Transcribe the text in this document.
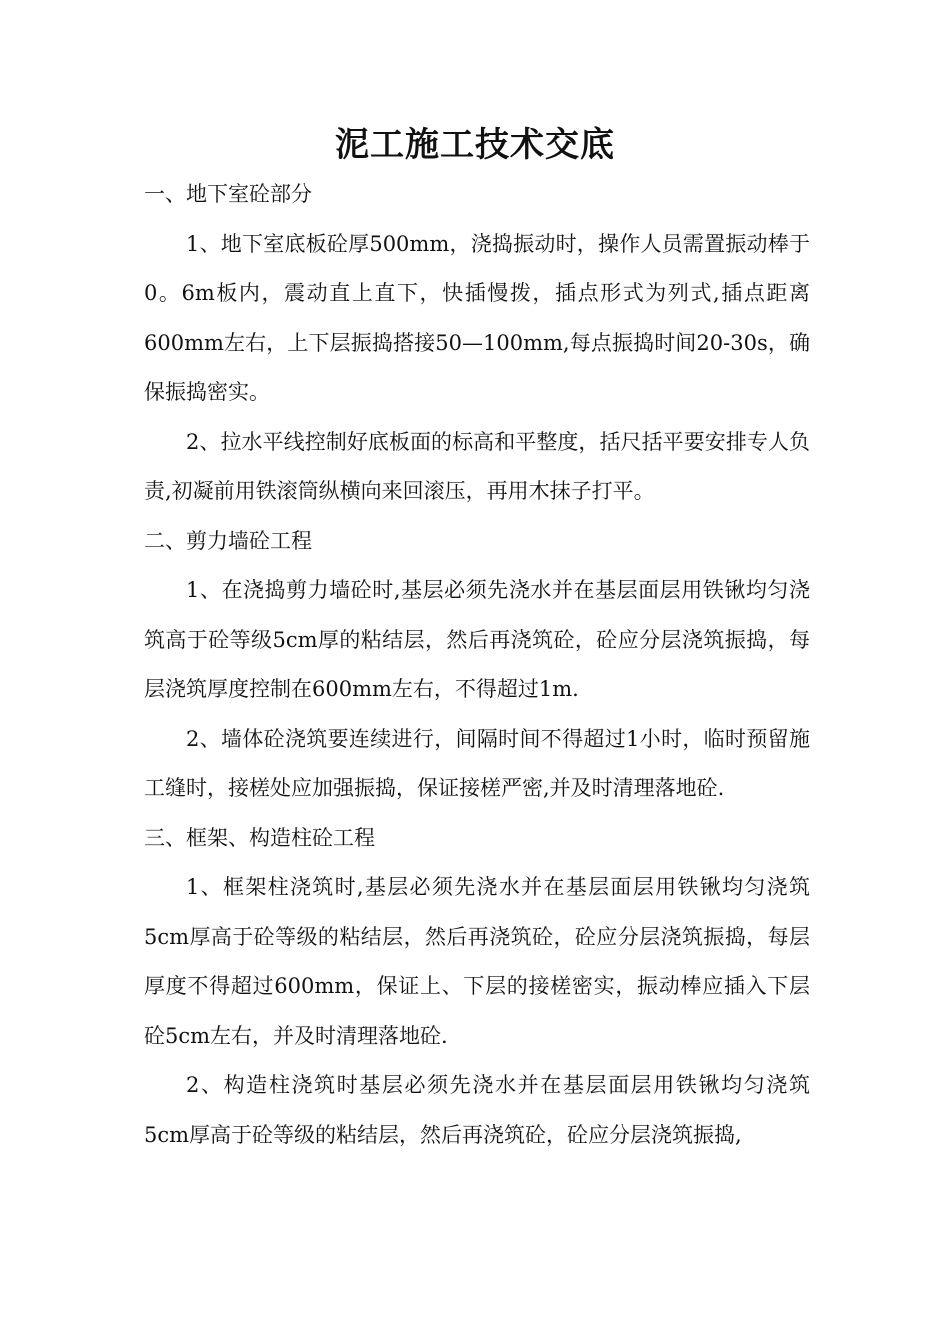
泥工施工技术交底
一、地下室砼部分
1、地下室底板砼厚500mm，浇捣振动时，操作人员需置振动棒于0。6m板内，震动直上直下，快插慢拨，插点形式为列式,插点距离600mm左右，上下层振捣搭接50—100mm,每点振捣时间20-30s，确保振捣密实。
2、拉水平线控制好底板面的标高和平整度，括尺括平要安排专人负责,初凝前用铁滚筒纵横向来回滚压，再用木抹子打平。
二、剪力墙砼工程
1、在浇捣剪力墙砼时,基层必须先浇水并在基层面层用铁锹均匀浇筑高于砼等级5cm厚的粘结层，然后再浇筑砼，砼应分层浇筑振捣，每层浇筑厚度控制在600mm左右，不得超过1m.
2、墙体砼浇筑要连续进行，间隔时间不得超过1小时，临时预留施工缝时，接槎处应加强振捣，保证接槎严密,并及时清理落地砼.
三、框架、构造柱砼工程
1、框架柱浇筑时,基层必须先浇水并在基层面层用铁锹均匀浇筑5cm厚高于砼等级的粘结层，然后再浇筑砼，砼应分层浇筑振捣，每层厚度不得超过600mm，保证上、下层的接槎密实，振动棒应插入下层砼5cm左右，并及时清理落地砼.
2、构造柱浇筑时基层必须先浇水并在基层面层用铁锹均匀浇筑5cm厚高于砼等级的粘结层，然后再浇筑砼，砼应分层浇筑振捣,
